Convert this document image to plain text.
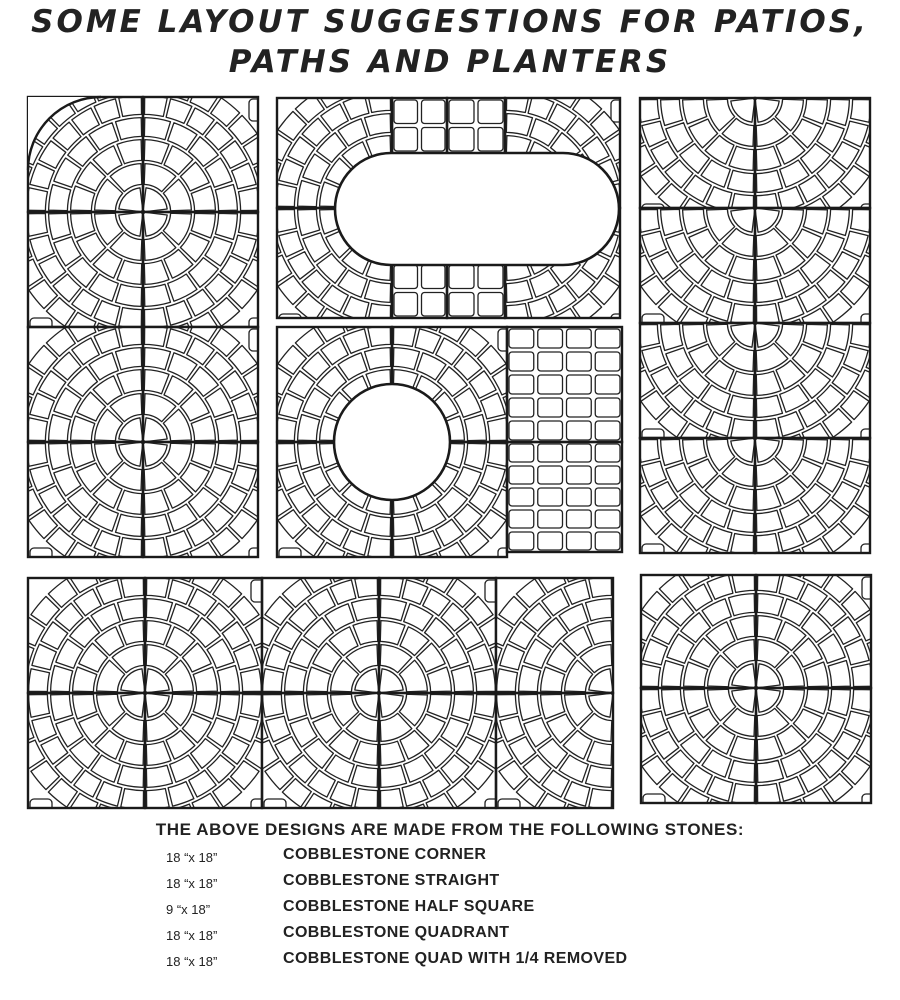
SOME LAYOUT SUGGESTIONS FOR PATIOS,
PATHS AND PLANTERS
THE ABOVE DESIGNS ARE MADE FROM THE FOLLOWING STONES:
18 “x 18”	COBBLESTONE CORNER
18 “x 18”	COBBLESTONE STRAIGHT
9 “x 18”	COBBLESTONE HALF SQUARE
18 “x 18”	COBBLESTONE QUADRANT
18 “x 18”	COBBLESTONE QUAD WITH 1/4 REMOVED
